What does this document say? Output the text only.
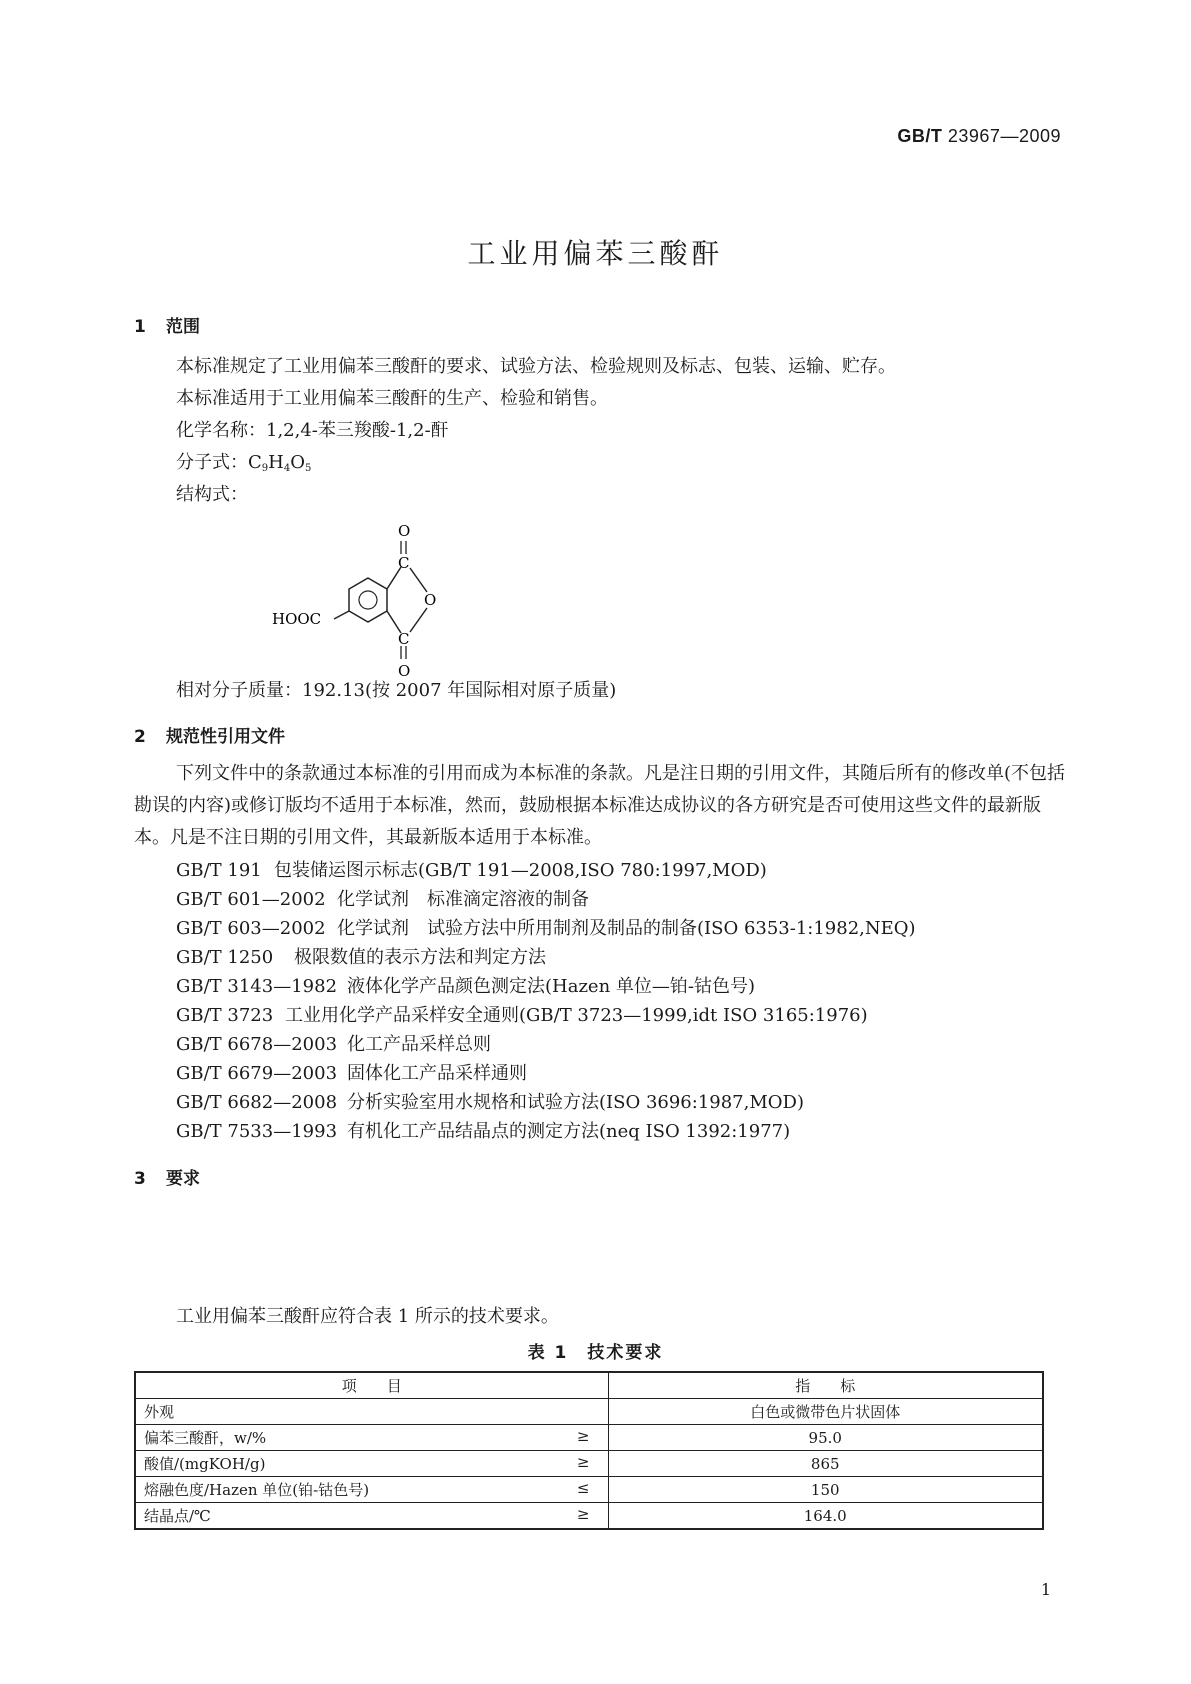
GB/T 23967—2009
工业用偏苯三酸酐
1 范围
本标准规定了工业用偏苯三酸酐的要求、试验方法、检验规则及标志、包装、运输、贮存。
本标准适用于工业用偏苯三酸酐的生产、检验和销售。
化学名称：1,2,4-苯三羧酸-1,2-酐
分子式：$C_9H_4O_5$
结构式：
O
C
O
C
O
HOOC
相对分子质量：192.13(按 2007 年国际相对原子质量)
2 规范性引用文件
下列文件中的条款通过本标准的引用而成为本标准的条款。凡是注日期的引用文件，其随后所有的修改单(不包括勘误的内容)或修订版均不适用于本标准，然而，鼓励根据本标准达成协议的各方研究是否可使用这些文件的最新版本。凡是不注日期的引用文件，其最新版本适用于本标准。
GB/T 191 包装储运图示标志(GB/T 191—2008,ISO 780:1997,MOD)
GB/T 601—2002 化学试剂　标准滴定溶液的制备
GB/T 603—2002 化学试剂　试验方法中所用制剂及制品的制备(ISO 6353-1:1982,NEQ)
GB/T 1250 极限数值的表示方法和判定方法
GB/T 3143—1982 液体化学产品颜色测定法(Hazen 单位—铂-钴色号)
GB/T 3723 工业用化学产品采样安全通则(GB/T 3723—1999,idt ISO 3165:1976)
GB/T 6678—2003 化工产品采样总则
GB/T 6679—2003 固体化工产品采样通则
GB/T 6682—2008 分析实验室用水规格和试验方法(ISO 3696:1987,MOD)
GB/T 7533—1993 有机化工产品结晶点的测定方法(neq ISO 1392:1977)
3 要求
工业用偏苯三酸酐应符合表 1 所示的技术要求。
表 1　技术要求
项　　目	指　　标
外观	白色或微带色片状固体
偏苯三酸酐，w/% ≥	95.0
酸值/(mgKOH/g) ≥	865
熔融色度/Hazen 单位(铂-钴色号) ≤	150
结晶点/℃ ≥	164.0
1
